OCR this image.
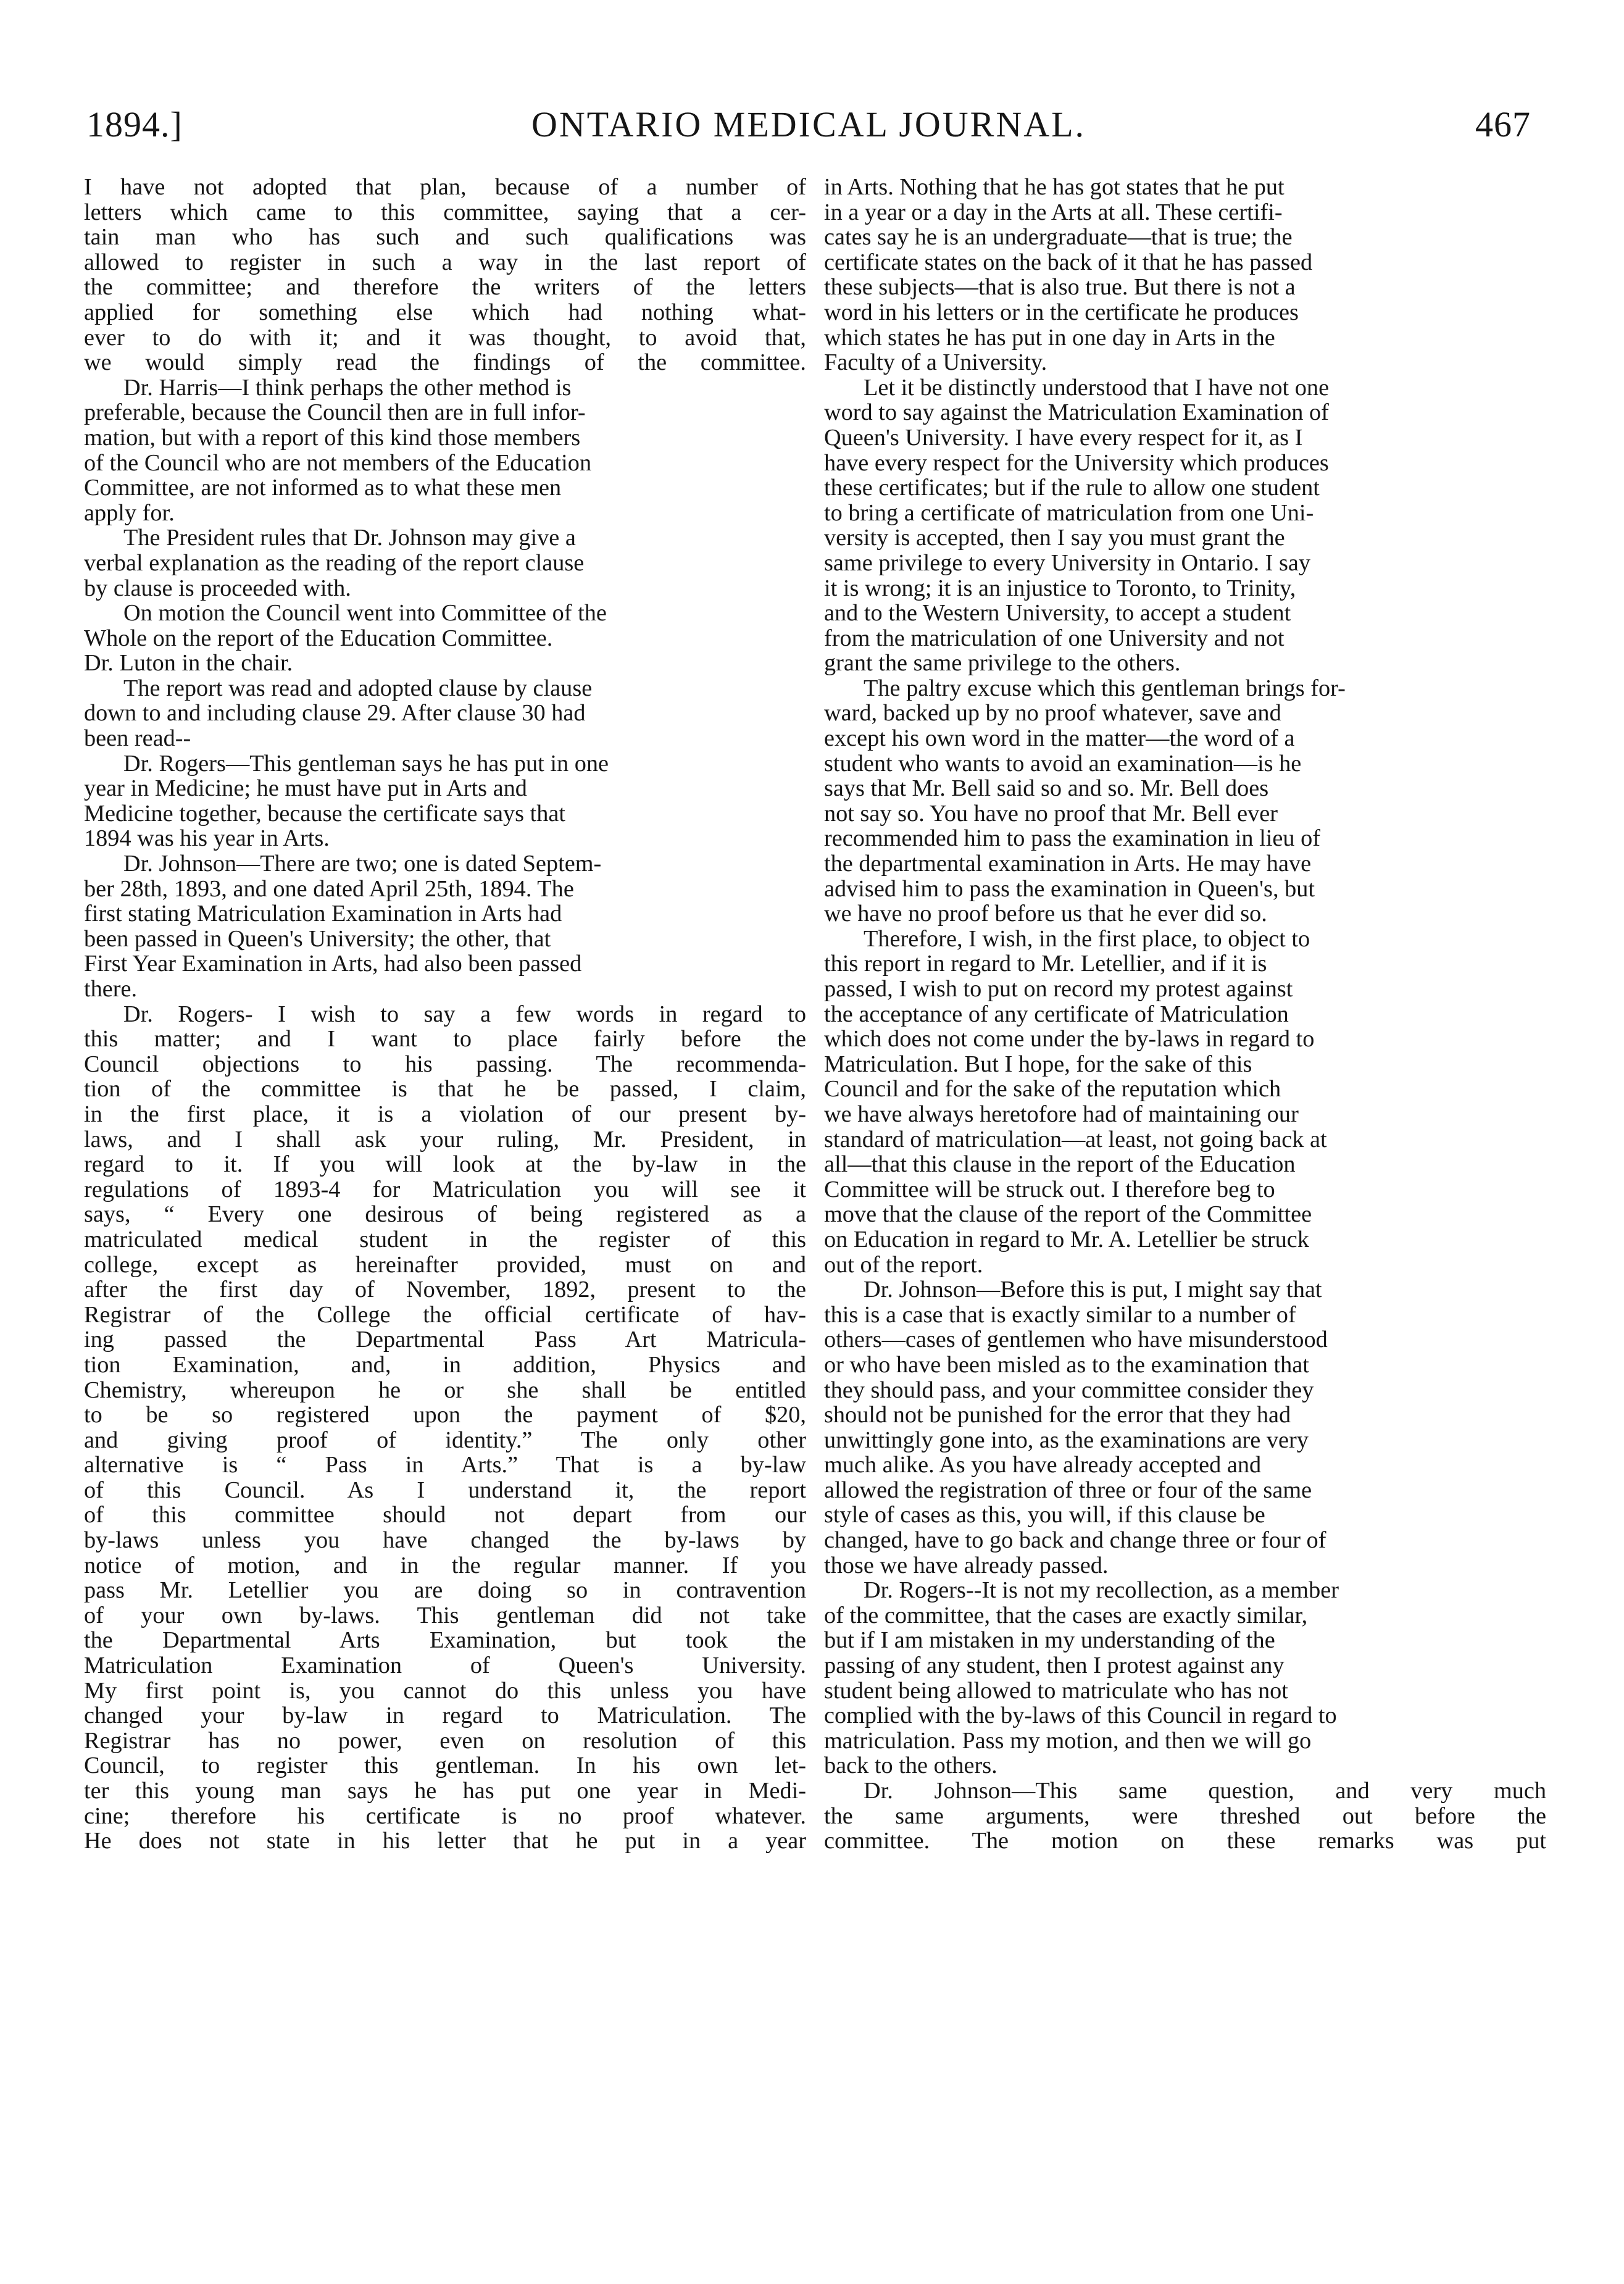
1894.]	ONTARIO MEDICAL JOURNAL.	467

I have not adopted that plan, because of a number of
letters which came to this committee, saying that a cer-
tain man who has such and such qualifications was
allowed to register in such a way in the last report of
the committee; and therefore the writers of the letters
applied for something else which had nothing what-
ever to do with it; and it was thought, to avoid that,
we would simply read the findings of the committee.

Dr. Harris—I think perhaps the other method is
preferable, because the Council then are in full infor-
mation, but with a report of this kind those members
of the Council who are not members of the Education
Committee, are not informed as to what these men
apply for.

The President rules that Dr. Johnson may give a
verbal explanation as the reading of the report clause
by clause is proceeded with.

On motion the Council went into Committee of the
Whole on the report of the Education Committee.
Dr. Luton in the chair.

The report was read and adopted clause by clause
down to and including clause 29. After clause 30 had
been read--

Dr. Rogers—This gentleman says he has put in one
year in Medicine; he must have put in Arts and
Medicine together, because the certificate says that
1894 was his year in Arts.

Dr. Johnson—There are two; one is dated Septem-
ber 28th, 1893, and one dated April 25th, 1894. The
first stating Matriculation Examination in Arts had
been passed in Queen's University; the other, that
First Year Examination in Arts, had also been passed
there.

Dr. Rogers- I wish to say a few words in regard to
this matter; and I want to place fairly before the
Council objections to his passing. The recommenda-
tion of the committee is that he be passed, I claim,
in the first place, it is a violation of our present by-
laws, and I shall ask your ruling, Mr. President, in
regard to it. If you will look at the by-law in the
regulations of 1893-4 for Matriculation you will see it
says, “ Every one desirous of being registered as a
matriculated medical student in the register of this
college, except as hereinafter provided, must on and
after the first day of November, 1892, present to the
Registrar of the College the official certificate of hav-
ing passed the Departmental Pass Art Matricula-
tion Examination, and, in addition, Physics and
Chemistry, whereupon he or she shall be entitled
to be so registered upon the payment of $20,
and giving proof of identity.” The only other
alternative is “ Pass in Arts.” That is a by-law
of this Council. As I understand it, the report
of this committee should not depart from our
by-laws unless you have changed the by-laws by
notice of motion, and in the regular manner. If you
pass Mr. Letellier you are doing so in contravention
of your own by-laws. This gentleman did not take
the Departmental Arts Examination, but took the
Matriculation Examination of Queen's University.
My first point is, you cannot do this unless you have
changed your by-law in regard to Matriculation. The
Registrar has no power, even on resolution of this
Council, to register this gentleman. In his own let-
ter this young man says he has put one year in Medi-
cine; therefore his certificate is no proof whatever.
He does not state in his letter that he put in a year

in Arts. Nothing that he has got states that he put
in a year or a day in the Arts at all. These certifi-
cates say he is an undergraduate—that is true; the
certificate states on the back of it that he has passed
these subjects—that is also true. But there is not a
word in his letters or in the certificate he produces
which states he has put in one day in Arts in the
Faculty of a University.

Let it be distinctly understood that I have not one
word to say against the Matriculation Examination of
Queen's University. I have every respect for it, as I
have every respect for the University which produces
these certificates; but if the rule to allow one student
to bring a certificate of matriculation from one Uni-
versity is accepted, then I say you must grant the
same privilege to every University in Ontario. I say
it is wrong; it is an injustice to Toronto, to Trinity,
and to the Western University, to accept a student
from the matriculation of one University and not
grant the same privilege to the others.

The paltry excuse which this gentleman brings for-
ward, backed up by no proof whatever, save and
except his own word in the matter—the word of a
student who wants to avoid an examination—is he
says that Mr. Bell said so and so. Mr. Bell does
not say so. You have no proof that Mr. Bell ever
recommended him to pass the examination in lieu of
the departmental examination in Arts. He may have
advised him to pass the examination in Queen's, but
we have no proof before us that he ever did so.

Therefore, I wish, in the first place, to object to
this report in regard to Mr. Letellier, and if it is
passed, I wish to put on record my protest against
the acceptance of any certificate of Matriculation
which does not come under the by-laws in regard to
Matriculation. But I hope, for the sake of this
Council and for the sake of the reputation which
we have always heretofore had of maintaining our
standard of matriculation—at least, not going back at
all—that this clause in the report of the Education
Committee will be struck out. I therefore beg to
move that the clause of the report of the Committee
on Education in regard to Mr. A. Letellier be struck
out of the report.

Dr. Johnson—Before this is put, I might say that
this is a case that is exactly similar to a number of
others—cases of gentlemen who have misunderstood
or who have been misled as to the examination that
they should pass, and your committee consider they
should not be punished for the error that they had
unwittingly gone into, as the examinations are very
much alike. As you have already accepted and
allowed the registration of three or four of the same
style of cases as this, you will, if this clause be
changed, have to go back and change three or four of
those we have already passed.

Dr. Rogers--It is not my recollection, as a member
of the committee, that the cases are exactly similar,
but if I am mistaken in my understanding of the
passing of any student, then I protest against any
student being allowed to matriculate who has not
complied with the by-laws of this Council in regard to
matriculation. Pass my motion, and then we will go
back to the others.

Dr. Johnson—This same question, and very much
the same arguments, were threshed out before the
committee. The motion on these remarks was put
